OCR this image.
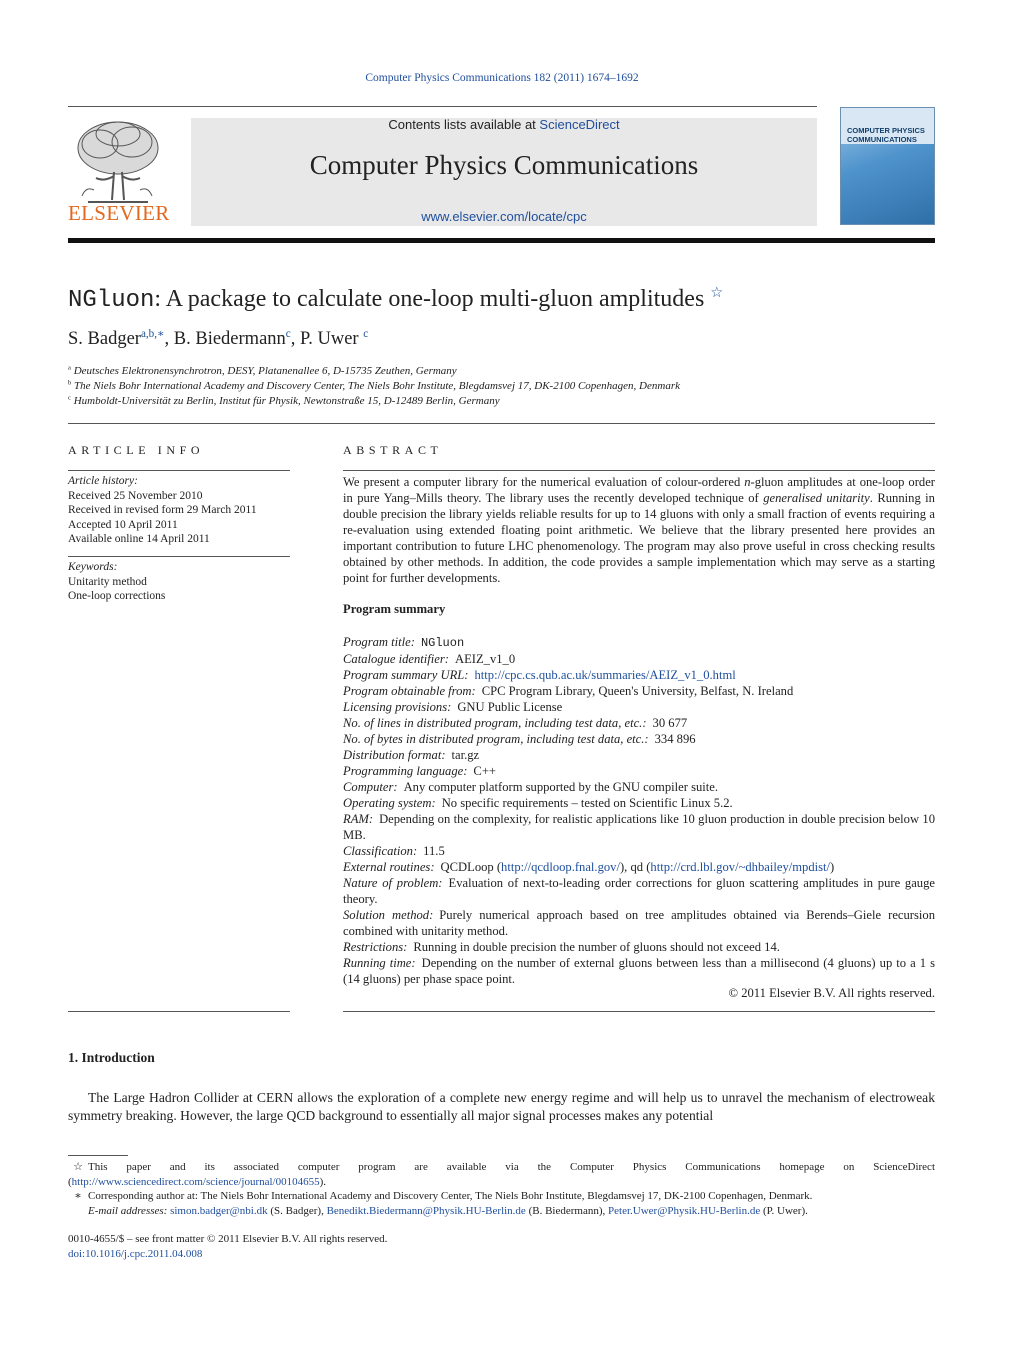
Computer Physics Communications 182 (2011) 1674–1692
ELSEVIER
Contents lists available at ScienceDirect
Computer Physics Communications
www.elsevier.com/locate/cpc
COMPUTER PHYSICS
COMMUNICATIONS
NGluon: A package to calculate one-loop multi-gluon amplitudes ☆
S. Badger$^{a,b,∗}$, B. Biedermann$^c$, P. Uwer $^c$
$^a$ Deutsches Elektronensynchrotron, DESY, Platanenallee 6, D-15735 Zeuthen, Germany
$^b$ The Niels Bohr International Academy and Discovery Center, The Niels Bohr Institute, Blegdamsvej 17, DK-2100 Copenhagen, Denmark
$^c$ Humboldt-Universität zu Berlin, Institut für Physik, Newtonstraße 15, D-12489 Berlin, Germany
ARTICLE INFO
Article history:
Received 25 November 2010
Received in revised form 29 March 2011
Accepted 10 April 2011
Available online 14 April 2011
Keywords:
Unitarity method
One-loop corrections
ABSTRACT
We present a computer library for the numerical evaluation of colour-ordered n-gluon amplitudes at one-loop order in pure Yang–Mills theory. The library uses the recently developed technique of generalised unitarity. Running in double precision the library yields reliable results for up to 14 gluons with only a small fraction of events requiring a re-evaluation using extended floating point arithmetic. We believe that the library presented here provides an important contribution to future LHC phenomenology. The program may also prove useful in cross checking results obtained by other methods. In addition, the code provides a sample implementation which may serve as a starting point for further developments.
Program summary

Program title: NGluon

Catalogue identifier: AEIZ_v1_0

Program summary URL: http://cpc.cs.qub.ac.uk/summaries/AEIZ_v1_0.html

Program obtainable from: CPC Program Library, Queen's University, Belfast, N. Ireland

Licensing provisions: GNU Public License

No. of lines in distributed program, including test data, etc.: 30 677

No. of bytes in distributed program, including test data, etc.: 334 896

Distribution format: tar.gz

Programming language: C++

Computer: Any computer platform supported by the GNU compiler suite.

Operating system: No specific requirements – tested on Scientific Linux 5.2.

RAM: Depending on the complexity, for realistic applications like 10 gluon production in double precision below 10 MB.

Classification: 11.5

External routines: QCDLoop (http://qcdloop.fnal.gov/), qd (http://crd.lbl.gov/~dhbailey/mpdist/)

Nature of problem: Evaluation of next-to-leading order corrections for gluon scattering amplitudes in pure gauge theory.

Solution method: Purely numerical approach based on tree amplitudes obtained via Berends–Giele recursion combined with unitarity method.

Restrictions: Running in double precision the number of gluons should not exceed 14.

Running time: Depending on the number of external gluons between less than a millisecond (4 gluons) up to a 1 s (14 gluons) per phase space point.

© 2011 Elsevier B.V. All rights reserved.
1. Introduction
The Large Hadron Collider at CERN allows the exploration of a complete new energy regime and will help us to unravel the mechanism of electroweak symmetry breaking. However, the large QCD background to essentially all major signal processes makes any potential

☆ This paper and its associated computer program are available via the Computer Physics Communications homepage on ScienceDirect (http://www.sciencedirect.com/science/journal/00104655).

∗ Corresponding author at: The Niels Bohr International Academy and Discovery Center, The Niels Bohr Institute, Blegdamsvej 17, DK-2100 Copenhagen, Denmark.

E-mail addresses: simon.badger@nbi.dk (S. Badger), Benedikt.Biedermann@Physik.HU-Berlin.de (B. Biedermann), Peter.Uwer@Physik.HU-Berlin.de (P. Uwer).

0010-4655/$ – see front matter © 2011 Elsevier B.V. All rights reserved.
doi:10.1016/j.cpc.2011.04.008
